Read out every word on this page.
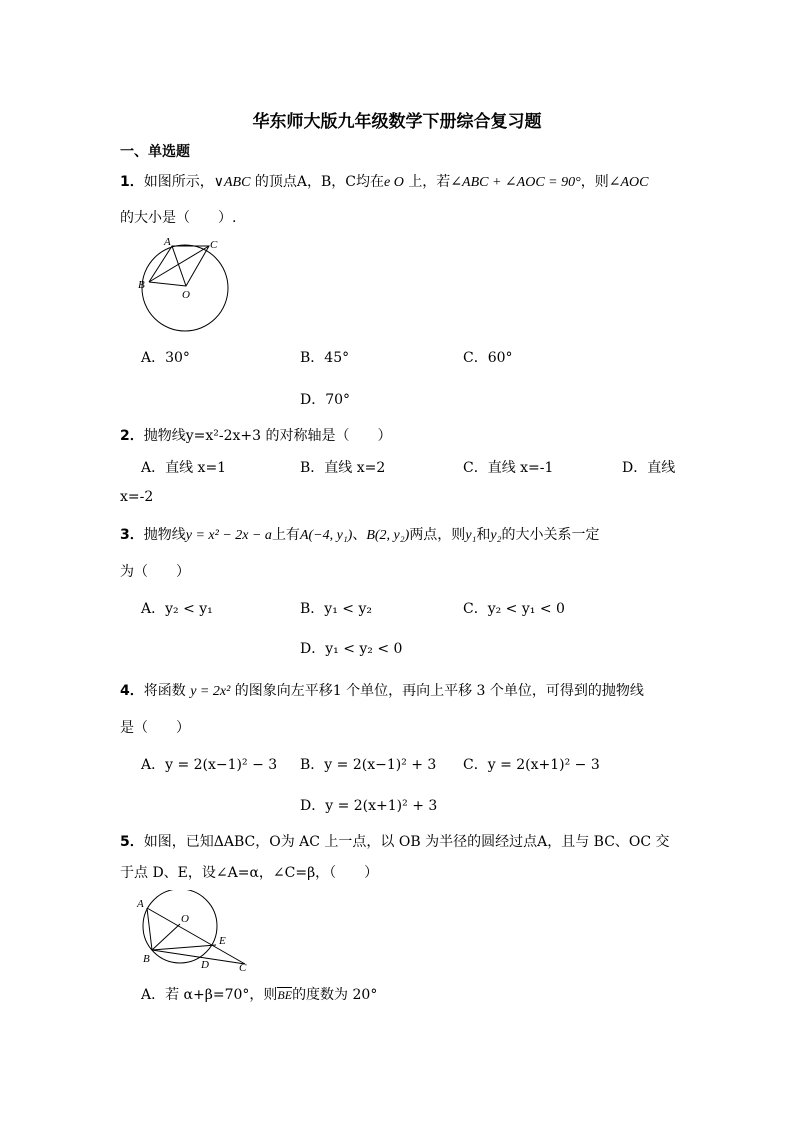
华东师大版九年级数学下册综合复习题
一、单选题
1．如图所示，∨ABC 的顶点A，B，C均在e O 上，若∠ABC + ∠AOC = 90°，则∠AOC
的大小是（　　）.
A	C
B
O
A．30°	B．45°	C．60°
D．70°
2．抛物线y=x²-2x+3 的对称轴是（　　）
A．直线 x=1	B．直线 x=2	C．直线 x=-1	D．直线
x=-2
3．抛物线y = x² − 2x − a上有A(−4, y₁)、B(2, y₂)两点，则y₁和y₂的大小关系一定
为（　　）
A．y₂ < y₁	B．y₁ < y₂	C．y₂ < y₁ < 0
D．y₁ < y₂ < 0
4．将函数 y = 2x² 的图象向左平移1 个单位，再向上平移 3 个单位，可得到的抛物线
是（　　）
A．y = 2(x−1)² − 3 B．y = 2(x−1)² + 3 C．y = 2(x+1)² − 3
D．y = 2(x+1)² + 3
5．如图，已知ΔABC，O为 AC 上一点，以 OB 为半径的圆经过点A，且与 BC、OC 交
于点 D、E，设∠A=α，∠C=β，（　　）
A
O
E
B	D	C
A．若 α+β=70°，则BE的度数为 20°
